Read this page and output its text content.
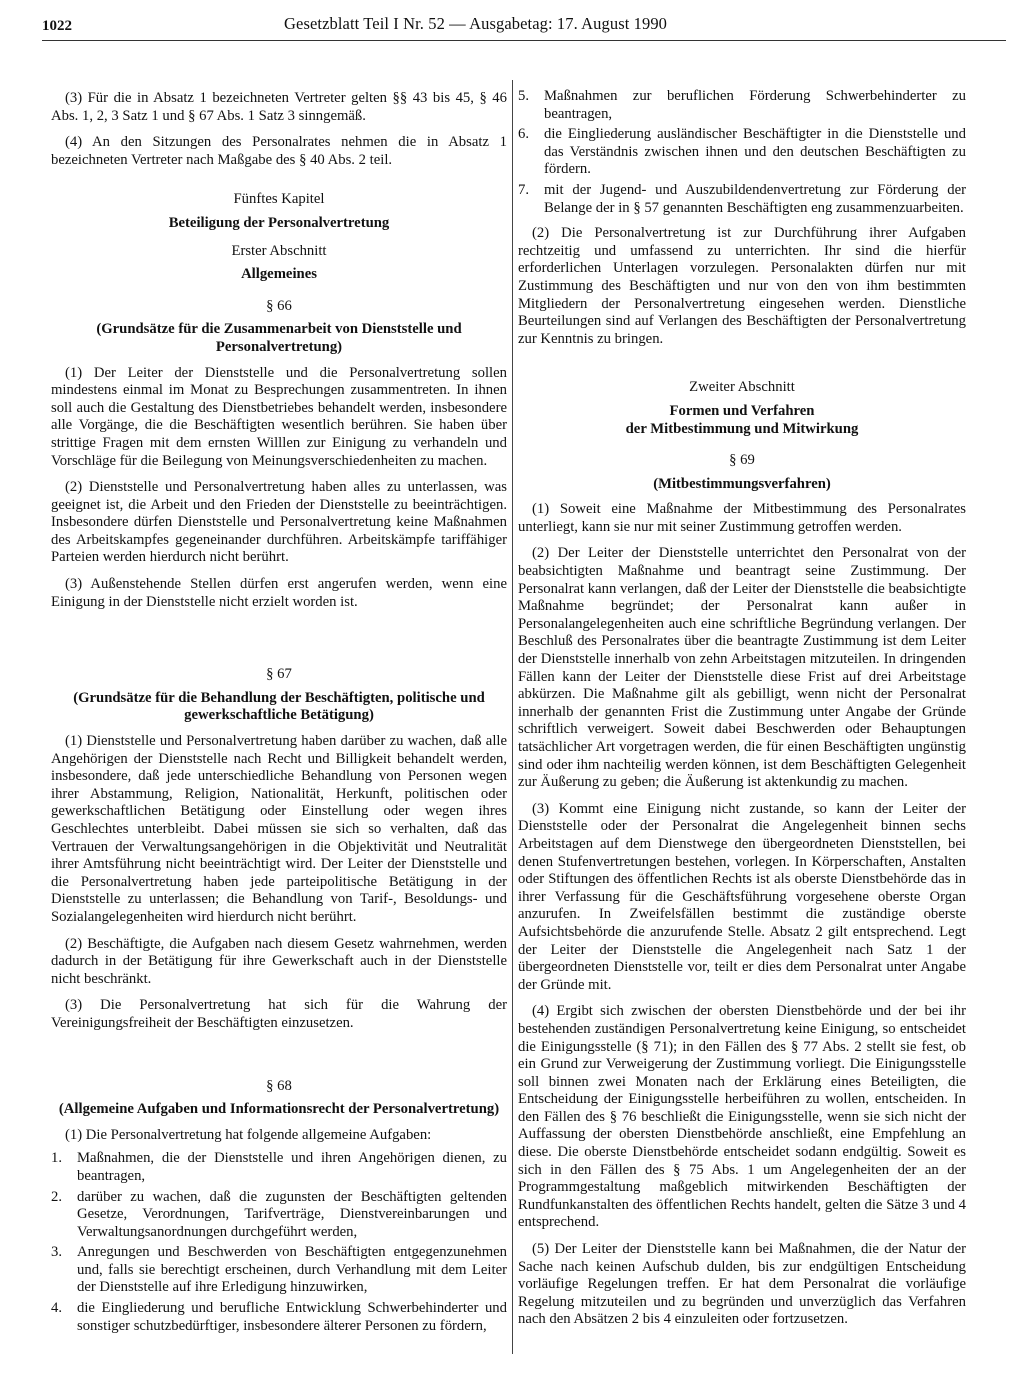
1022	Gesetzblatt Teil I Nr. 52 — Ausgabetag: 17. August 1990

(3) Für die in Absatz 1 bezeichneten Vertreter gelten §§ 43 bis 45, § 46 Abs. 1, 2, 3 Satz 1 und § 67 Abs. 1 Satz 3 sinngemäß.

(4) An den Sitzungen des Personalrates nehmen die in Absatz 1 bezeichneten Vertreter nach Maßgabe des § 40 Abs. 2 teil.

Fünftes Kapitel

Beteiligung der Personalvertretung

Erster Abschnitt

Allgemeines

§ 66

(Grundsätze für die Zusammenarbeit von Dienststelle und Personalvertretung)

(1) Der Leiter der Dienststelle und die Personalvertretung sollen mindestens einmal im Monat zu Besprechungen zusammentreten. In ihnen soll auch die Gestaltung des Dienstbetriebes behandelt werden, insbesondere alle Vorgänge, die die Beschäftigten wesentlich berühren. Sie haben über strittige Fragen mit dem ernsten Willlen zur Einigung zu verhandeln und Vorschläge für die Beilegung von Meinungsverschiedenheiten zu machen.

(2) Dienststelle und Personalvertretung haben alles zu unterlassen, was geeignet ist, die Arbeit und den Frieden der Dienststelle zu beeinträchtigen. Insbesondere dürfen Dienststelle und Personalvertretung keine Maßnahmen des Arbeitskampfes gegeneinander durchführen. Arbeitskämpfe tariffähiger Parteien werden hierdurch nicht berührt.

(3) Außenstehende Stellen dürfen erst angerufen werden, wenn eine Einigung in der Dienststelle nicht erzielt worden ist.

§ 67

(Grundsätze für die Behandlung der Beschäftigten, politische und gewerkschaftliche Betätigung)

(1) Dienststelle und Personalvertretung haben darüber zu wachen, daß alle Angehörigen der Dienststelle nach Recht und Billigkeit behandelt werden, insbesondere, daß jede unterschiedliche Behandlung von Personen wegen ihrer Abstammung, Religion, Nationalität, Herkunft, politischen oder gewerkschaftlichen Betätigung oder Einstellung oder wegen ihres Geschlechtes unterbleibt. Dabei müssen sie sich so verhalten, daß das Vertrauen der Verwaltungsangehörigen in die Objektivität und Neutralität ihrer Amtsführung nicht beeinträchtigt wird. Der Leiter der Dienststelle und die Personalvertretung haben jede parteipolitische Betätigung in der Dienststelle zu unterlassen; die Behandlung von Tarif-, Besoldungs- und Sozialangelegenheiten wird hierdurch nicht berührt.

(2) Beschäftigte, die Aufgaben nach diesem Gesetz wahrnehmen, werden dadurch in der Betätigung für ihre Gewerkschaft auch in der Dienststelle nicht beschränkt.

(3) Die Personalvertretung hat sich für die Wahrung der Vereinigungsfreiheit der Beschäftigten einzusetzen.

§ 68

(Allgemeine Aufgaben und Informationsrecht der Personalvertretung)

(1) Die Personalvertretung hat folgende allgemeine Aufgaben:

1. Maßnahmen, die der Dienststelle und ihren Angehörigen dienen, zu beantragen,
2. darüber zu wachen, daß die zugunsten der Beschäftigten geltenden Gesetze, Verordnungen, Tarifverträge, Dienstvereinbarungen und Verwaltungsanordnungen durchgeführt werden,
3. Anregungen und Beschwerden von Beschäftigten entgegenzunehmen und, falls sie berechtigt erscheinen, durch Verhandlung mit dem Leiter der Dienststelle auf ihre Erledigung hinzuwirken,
4. die Eingliederung und berufliche Entwicklung Schwerbehinderter und sonstiger schutzbedürftiger, insbesondere älterer Personen zu fördern,
5. Maßnahmen zur beruflichen Förderung Schwerbehinderter zu beantragen,
6. die Eingliederung ausländischer Beschäftigter in die Dienststelle und das Verständnis zwischen ihnen und den deutschen Beschäftigten zu fördern.
7. mit der Jugend- und Auszubildendenvertretung zur Förderung der Belange der in § 57 genannten Beschäftigten eng zusammenzuarbeiten.

(2) Die Personalvertretung ist zur Durchführung ihrer Aufgaben rechtzeitig und umfassend zu unterrichten. Ihr sind die hierfür erforderlichen Unterlagen vorzulegen. Personalakten dürfen nur mit Zustimmung des Beschäftigten und nur von den von ihm bestimmten Mitgliedern der Personalvertretung eingesehen werden. Dienstliche Beurteilungen sind auf Verlangen des Beschäftigten der Personalvertretung zur Kenntnis zu bringen.

Zweiter Abschnitt

Formen und Verfahren

der Mitbestimmung und Mitwirkung

§ 69

(Mitbestimmungsverfahren)

(1) Soweit eine Maßnahme der Mitbestimmung des Personalrates unterliegt, kann sie nur mit seiner Zustimmung getroffen werden.

(2) Der Leiter der Dienststelle unterrichtet den Personalrat von der beabsichtigten Maßnahme und beantragt seine Zustimmung. Der Personalrat kann verlangen, daß der Leiter der Dienststelle die beabsichtigte Maßnahme begründet; der Personalrat kann außer in Personalangelegenheiten auch eine schriftliche Begründung verlangen. Der Beschluß des Personalrates über die beantragte Zustimmung ist dem Leiter der Dienststelle innerhalb von zehn Arbeitstagen mitzuteilen. In dringenden Fällen kann der Leiter der Dienststelle diese Frist auf drei Arbeitstage abkürzen. Die Maßnahme gilt als gebilligt, wenn nicht der Personalrat innerhalb der genannten Frist die Zustimmung unter Angabe der Gründe schriftlich verweigert. Soweit dabei Beschwerden oder Behauptungen tatsächlicher Art vorgetragen werden, die für einen Beschäftigten ungünstig sind oder ihm nachteilig werden können, ist dem Beschäftigten Gelegenheit zur Äußerung zu geben; die Äußerung ist aktenkundig zu machen.

(3) Kommt eine Einigung nicht zustande, so kann der Leiter der Dienststelle oder der Personalrat die Angelegenheit binnen sechs Arbeitstagen auf dem Dienstwege den übergeordneten Dienststellen, bei denen Stufenvertretungen bestehen, vorlegen. In Körperschaften, Anstalten oder Stiftungen des öffentlichen Rechts ist als oberste Dienstbehörde das in ihrer Verfassung für die Geschäftsführung vorgesehene oberste Organ anzurufen. In Zweifelsfällen bestimmt die zuständige oberste Aufsichtsbehörde die anzurufende Stelle. Absatz 2 gilt entsprechend. Legt der Leiter der Dienststelle die Angelegenheit nach Satz 1 der übergeordneten Dienststelle vor, teilt er dies dem Personalrat unter Angabe der Gründe mit.

(4) Ergibt sich zwischen der obersten Dienstbehörde und der bei ihr bestehenden zuständigen Personalvertretung keine Einigung, so entscheidet die Einigungsstelle (§ 71); in den Fällen des § 77 Abs. 2 stellt sie fest, ob ein Grund zur Verweigerung der Zustimmung vorliegt. Die Einigungsstelle soll binnen zwei Monaten nach der Erklärung eines Beteiligten, die Entscheidung der Einigungsstelle herbeiführen zu wollen, entscheiden. In den Fällen des § 76 beschließt die Einigungsstelle, wenn sie sich nicht der Auffassung der obersten Dienstbehörde anschließt, eine Empfehlung an diese. Die oberste Dienstbehörde entscheidet sodann endgültig. Soweit es sich in den Fällen des § 75 Abs. 1 um Angelegenheiten der an der Programmgestaltung maßgeblich mitwirkenden Beschäftigten der Rundfunkanstalten des öffentlichen Rechts handelt, gelten die Sätze 3 und 4 entsprechend.

(5) Der Leiter der Dienststelle kann bei Maßnahmen, die der Natur der Sache nach keinen Aufschub dulden, bis zur endgültigen Entscheidung vorläufige Regelungen treffen. Er hat dem Personalrat die vorläufige Regelung mitzuteilen und zu begründen und unverzüglich das Verfahren nach den Absätzen 2 bis 4 einzuleiten oder fortzusetzen.
